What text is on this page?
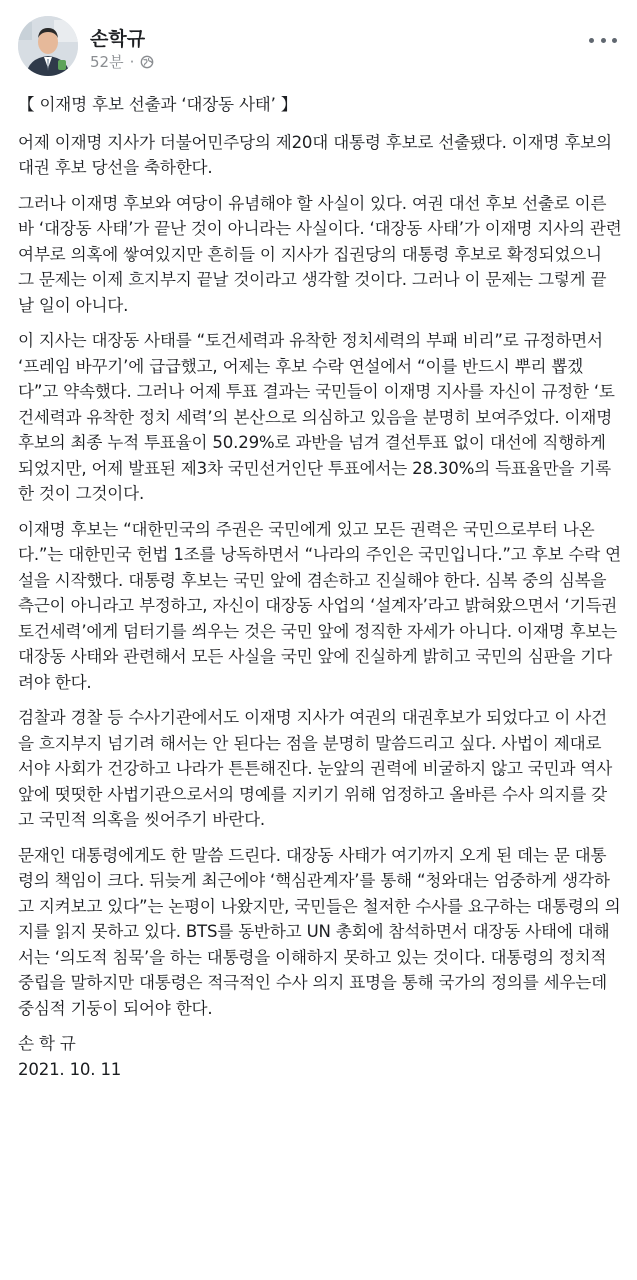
손학규
52분 ·

【 이재명 후보 선출과 ‘대장동 사태’ 】

어제 이재명 지사가 더불어민주당의 제20대 대통령 후보로 선출됐다. 이재명 후보의 대권 후보 당선을 축하한다.

그러나 이재명 후보와 여당이 유념해야 할 사실이 있다. 여권 대선 후보 선출로 이른바 ‘대장동 사태’가 끝난 것이 아니라는 사실이다. ‘대장동 사태’가 이재명 지사의 관련 여부로 의혹에 쌓여있지만 흔히들 이 지사가 집권당의 대통령 후보로 확정되었으니 그 문제는 이제 흐지부지 끝날 것이라고 생각할 것이다. 그러나 이 문제는 그렇게 끝날 일이 아니다.

이 지사는 대장동 사태를 “토건세력과 유착한 정치세력의 부패 비리”로 규정하면서 ‘프레임 바꾸기’에 급급했고, 어제는 후보 수락 연설에서 “이를 반드시 뿌리 뽑겠다”고 약속했다. 그러나 어제 투표 결과는 국민들이 이재명 지사를 자신이 규정한 ‘토건세력과 유착한 정치 세력’의 본산으로 의심하고 있음을 분명히 보여주었다. 이재명 후보의 최종 누적 투표율이 50.29%로 과반을 넘겨 결선투표 없이 대선에 직행하게 되었지만, 어제 발표된 제3차 국민선거인단 투표에서는 28.30%의 득표율만을 기록한 것이 그것이다.

이재명 후보는 “대한민국의 주권은 국민에게 있고 모든 권력은 국민으로부터 나온다.”는 대한민국 헌법 1조를 낭독하면서 “나라의 주인은 국민입니다.”고 후보 수락 연설을 시작했다. 대통령 후보는 국민 앞에 겸손하고 진실해야 한다. 심복 중의 심복을 측근이 아니라고 부정하고, 자신이 대장동 사업의 ‘설계자’라고 밝혀왔으면서 ‘기득권 토건세력’에게 덤터기를 씌우는 것은 국민 앞에 정직한 자세가 아니다. 이재명 후보는 대장동 사태와 관련해서 모든 사실을 국민 앞에 진실하게 밝히고 국민의 심판을 기다려야 한다.

검찰과 경찰 등 수사기관에서도 이재명 지사가 여권의 대권후보가 되었다고 이 사건을 흐지부지 넘기려 해서는 안 된다는 점을 분명히 말씀드리고 싶다. 사법이 제대로 서야 사회가 건강하고 나라가 튼튼해진다. 눈앞의 권력에 비굴하지 않고 국민과 역사 앞에 떳떳한 사법기관으로서의 명예를 지키기 위해 엄정하고 올바른 수사 의지를 갖고 국민적 의혹을 씻어주기 바란다.

문재인 대통령에게도 한 말씀 드린다. 대장동 사태가 여기까지 오게 된 데는 문 대통령의 책임이 크다. 뒤늦게 최근에야 ‘핵심관계자’를 통해 “청와대는 엄중하게 생각하고 지켜보고 있다”는 논평이 나왔지만, 국민들은 철저한 수사를 요구하는 대통령의 의지를 읽지 못하고 있다. BTS를 동반하고 UN 총회에 참석하면서 대장동 사태에 대해서는 ‘의도적 침묵’을 하는 대통령을 이해하지 못하고 있는 것이다. 대통령의 정치적 중립을 말하지만 대통령은 적극적인 수사 의지 표명을 통해 국가의 정의를 세우는데 중심적 기둥이 되어야 한다.

손 학 규

2021. 10. 11
